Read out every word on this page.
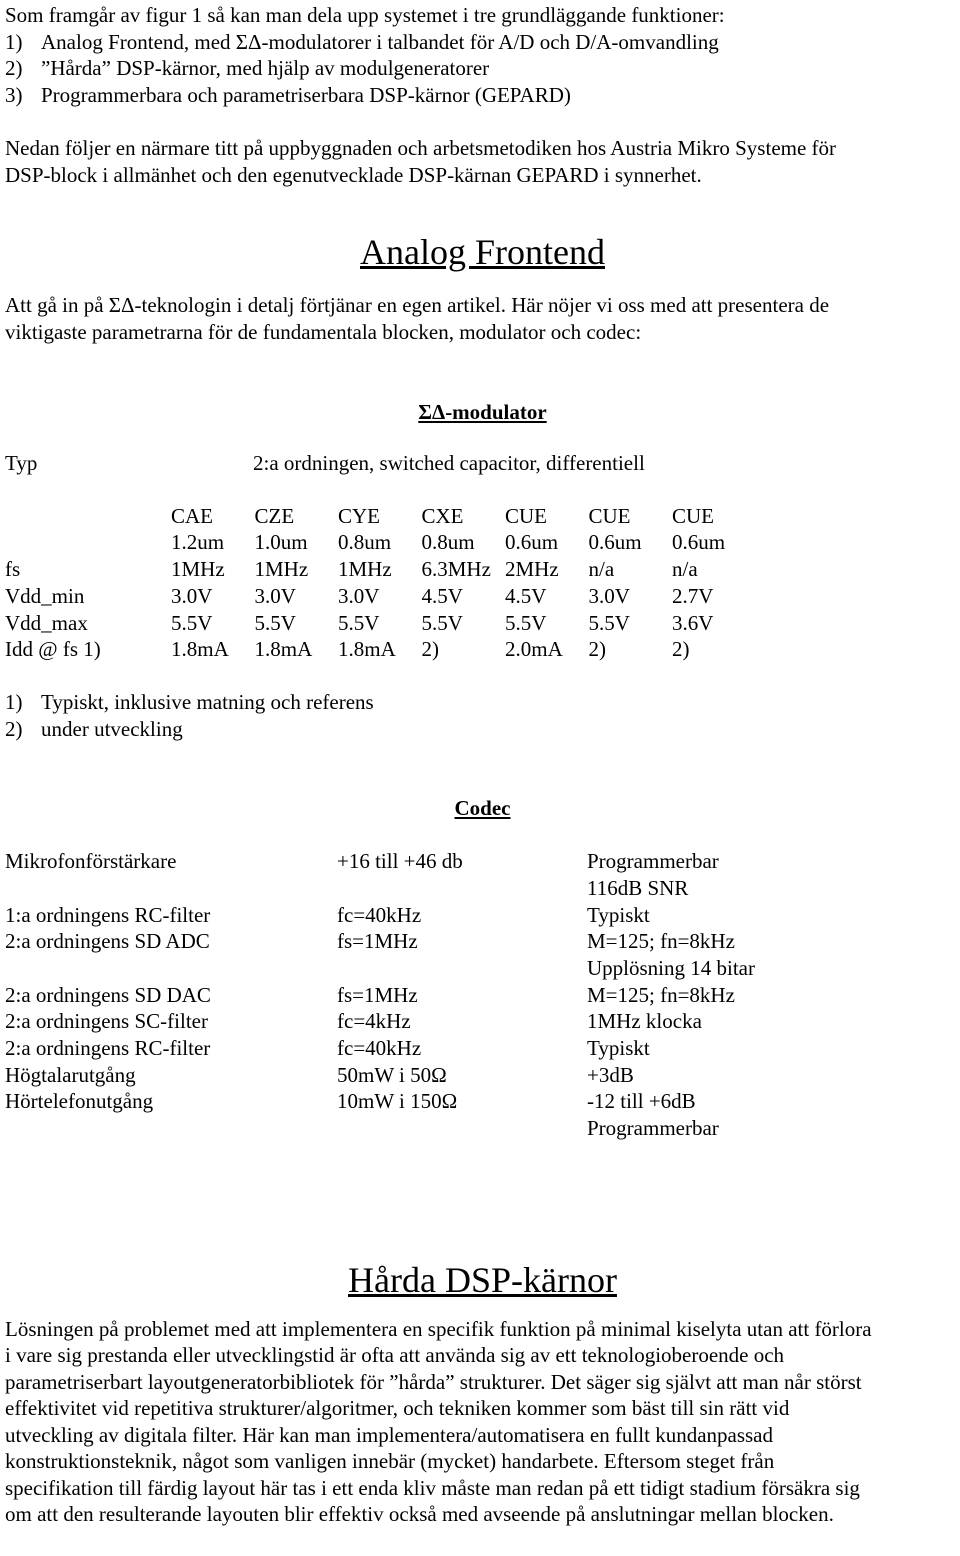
Som framgår av figur 1 så kan man dela upp systemet i tre grundläggande funktioner:

1) Analog Frontend, med ΣΔ-modulatorer i talbandet för A/D och D/A-omvandling
2) ”Hårda” DSP-kärnor, med hjälp av modulgeneratorer
3) Programmerbara och parametriserbara DSP-kärnor (GEPARD)

Nedan följer en närmare titt på uppbyggnaden och arbetsmetodiken hos Austria Mikro Systeme för

DSP-block i allmänhet och den egenutvecklade DSP-kärnan GEPARD i synnerhet.

Analog Frontend

Att gå in på ΣΔ-teknologin i detalj förtjänar en egen artikel. Här nöjer vi oss med att presentera de

viktigaste parametrarna för de fundamentala blocken, modulator och codec:

ΣΔ-modulator
Typ	2:a ordningen, switched capacitor, differentiell
	CAE	CZE	CYE	CXE	CUE	CUE	CUE
	1.2um	1.0um	0.8um	0.8um	0.6um	0.6um	0.6um
fs	1MHz	1MHz	1MHz	6.3MHz	2MHz	n/a	n/a
Vdd_min	3.0V	3.0V	3.0V	4.5V	4.5V	3.0V	2.7V
Vdd_max	5.5V	5.5V	5.5V	5.5V	5.5V	5.5V	3.6V
Idd @ fs 1)	1.8mA	1.8mA	1.8mA	2)	2.0mA	2)	2)

1) Typiskt, inklusive matning och referens

2) under utveckling

Codec
Mikrofonförstärkare	+16 till +46 db	Programmerbar
		116dB SNR
1:a ordningens RC-filter	fc=40kHz	Typiskt
2:a ordningens SD ADC	fs=1MHz	M=125; fn=8kHz
		Upplösning 14 bitar
2:a ordningens SD DAC	fs=1MHz	M=125; fn=8kHz
2:a ordningens SC-filter	fc=4kHz	1MHz klocka
2:a ordningens RC-filter	fc=40kHz	Typiskt
Högtalarutgång	50mW i 50Ω	+3dB
Hörtelefonutgång	10mW i 150Ω	-12 till +6dB
		Programmerbar
Hårda DSP-kärnor

Lösningen på problemet med att implementera en specifik funktion på minimal kiselyta utan att förlora

i vare sig prestanda eller utvecklingstid är ofta att använda sig av ett teknologioberoende och

parametriserbart layoutgeneratorbibliotek för ”hårda” strukturer. Det säger sig självt att man når störst

effektivitet vid repetitiva strukturer/algoritmer, och tekniken kommer som bäst till sin rätt vid

utveckling av digitala filter. Här kan man implementera/automatisera en fullt kundanpassad

konstruktionsteknik, något som vanligen innebär (mycket) handarbete. Eftersom steget från

specifikation till färdig layout här tas i ett enda kliv måste man redan på ett tidigt stadium försäkra sig

om att den resulterande layouten blir effektiv också med avseende på anslutningar mellan blocken.
